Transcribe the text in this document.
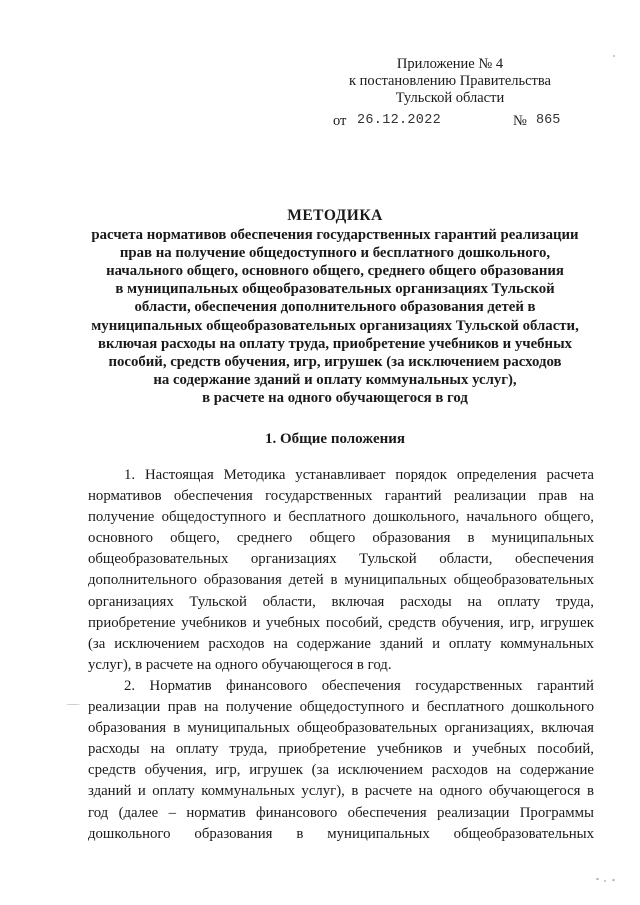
Приложение № 4
к постановлению Правительства
Тульской области
от 26.12.2022	№ 865
МЕТОДИКА
расчета нормативов обеспечения государственных гарантий реализации
прав на получение общедоступного и бесплатного дошкольного,
начального общего, основного общего, среднего общего образования
в муниципальных общеобразовательных организациях Тульской
области, обеспечения дополнительного образования детей в
муниципальных общеобразовательных организациях Тульской области,
включая расходы на оплату труда, приобретение учебников и учебных
пособий, средств обучения, игр, игрушек (за исключением расходов
на содержание зданий и оплату коммунальных услуг),
в расчете на одного обучающегося в год
1. Общие положения
1. Настоящая Методика устанавливает порядок определения расчета
нормативов обеспечения государственных гарантий реализации прав на
получение общедоступного и бесплатного дошкольного, начального общего,
основного общего, среднего общего образования в муниципальных
общеобразовательных организациях Тульской области, обеспечения
дополнительного образования детей в муниципальных общеобразовательных
организациях Тульской области, включая расходы на оплату труда,
приобретение учебников и учебных пособий, средств обучения, игр, игрушек
(за исключением расходов на содержание зданий и оплату коммунальных
услуг), в расчете на одного обучающегося в год.
2. Норматив финансового обеспечения государственных гарантий
реализации прав на получение общедоступного и бесплатного дошкольного
образования в муниципальных общеобразовательных организациях, включая
расходы на оплату труда, приобретение учебников и учебных пособий,
средств обучения, игр, игрушек (за исключением расходов на содержание
зданий и оплату коммунальных услуг), в расчете на одного обучающегося в
год (далее – норматив финансового обеспечения реализации Программы
дошкольного образования в муниципальных общеобразовательных
